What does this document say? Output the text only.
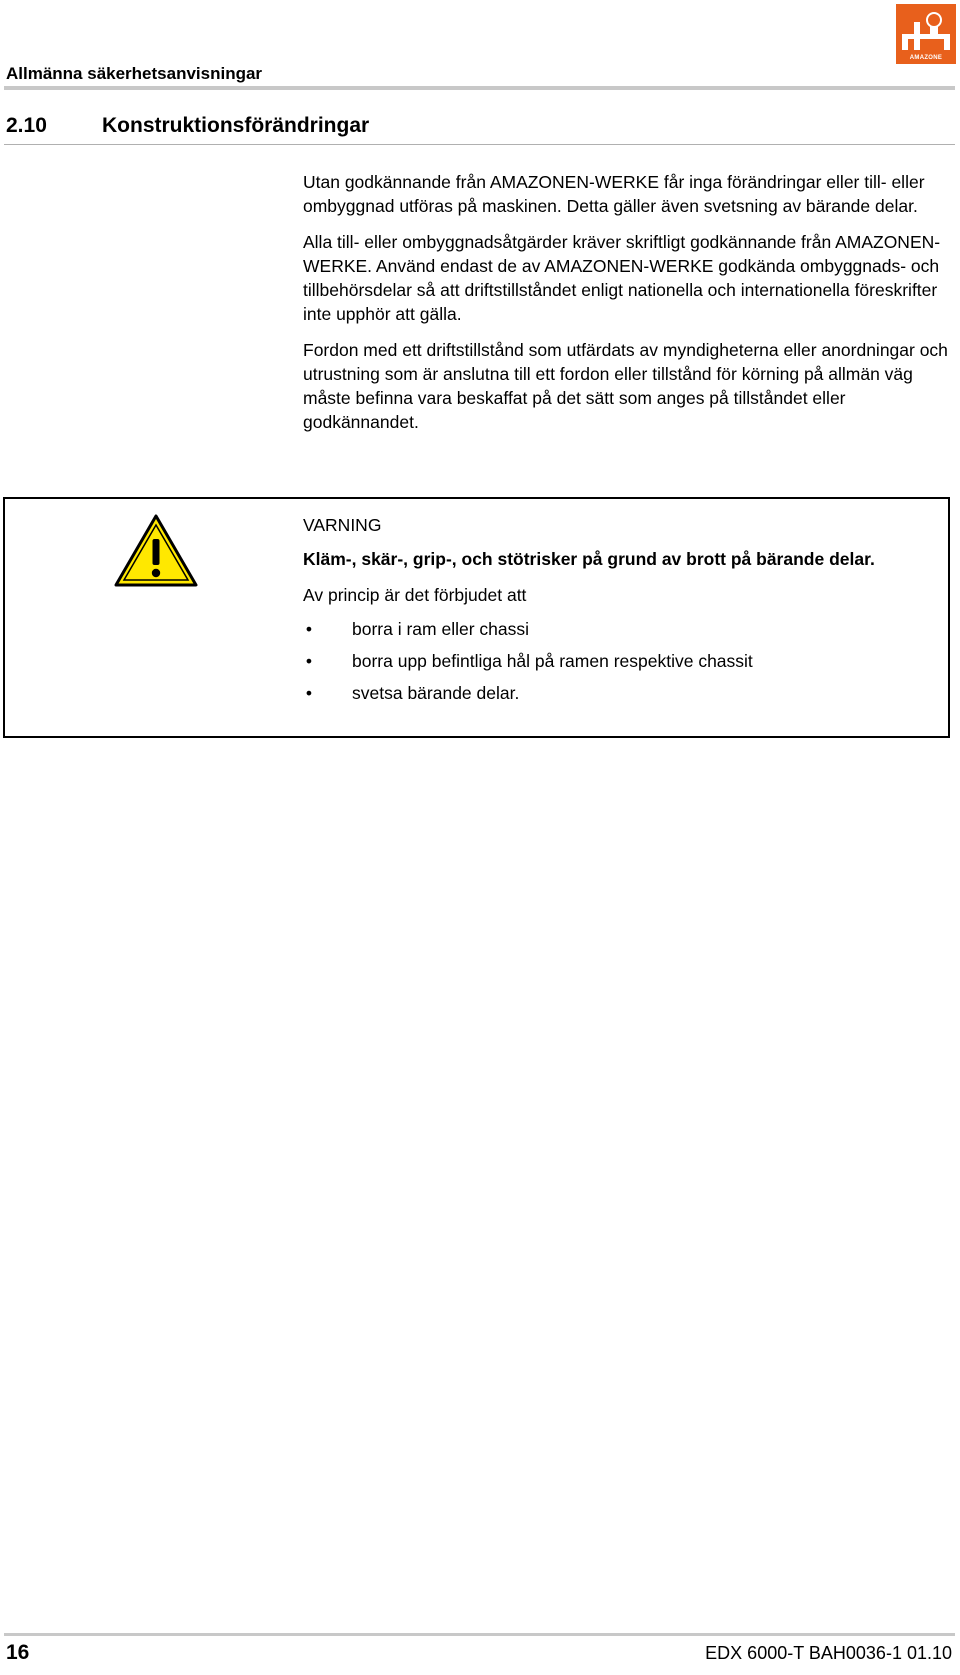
Allmänna säkerhetsanvisningar
AMAZONE
2.10	Konstruktionsförändringar

Utan godkännande från AMAZONEN-WERKE får inga förändringar eller till- eller ombyggnad utföras på maskinen. Detta gäller även svetsning av bärande delar.

Alla till- eller ombyggnadsåtgärder kräver skriftligt godkännande från AMAZONEN-WERKE. Använd endast de av AMAZONEN-WERKE godkända ombyggnads- och tillbehörsdelar så att driftstillståndet enligt nationella och internationella föreskrifter inte upphör att gälla.

Fordon med ett driftstillstånd som utfärdats av myndigheterna eller anordningar och utrustning som är anslutna till ett fordon eller tillstånd för körning på allmän väg måste befinna vara beskaffat på det sätt som anges på tillståndet eller godkännandet.

VARNING

Kläm-, skär-, grip-, och stötrisker på grund av brott på bärande delar.

Av princip är det förbjudet att

• borra i ram eller chassi
• borra upp befintliga hål på ramen respektive chassit
• svetsa bärande delar.
16	EDX 6000-T BAH0036-1 01.10
